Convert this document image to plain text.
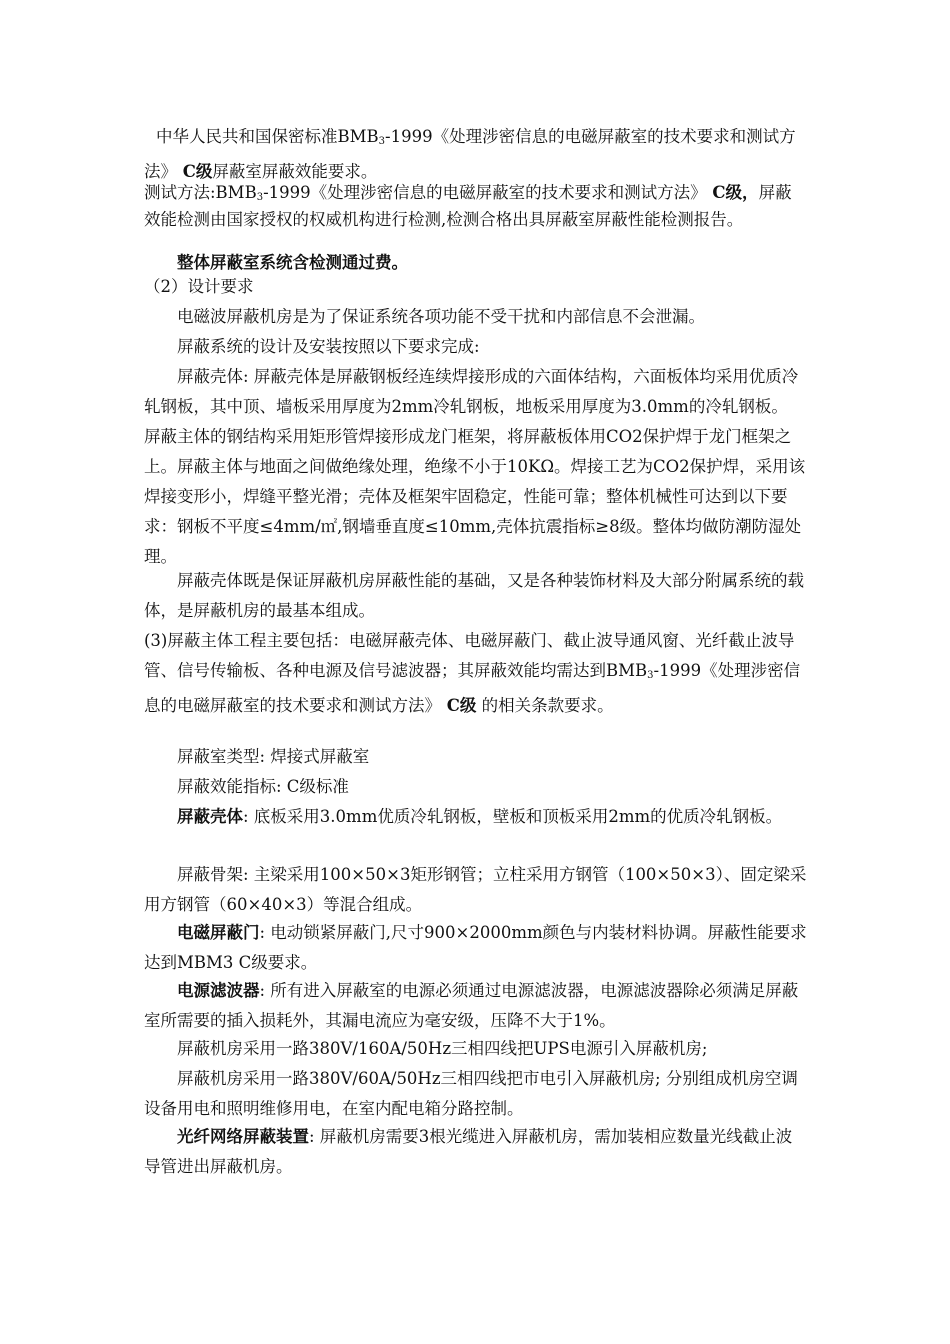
中华人民共和国保密标准$BMB_3-1999$《处理涉密信息的电磁屏蔽室的技术要求和测试方法》 C级屏蔽室屏蔽效能要求。

测试方法$:BMB_3-1999$《处理涉密信息的电磁屏蔽室的技术要求和测试方法》 C级，屏蔽效能检测由国家授权的权威机构进行检测,检测合格出具屏蔽室屏蔽性能检测报告。

整体屏蔽室系统含检测通过费。

（2）设计要求

电磁波屏蔽机房是为了保证系统各项功能不受干扰和内部信息不会泄漏。

屏蔽系统的设计及安装按照以下要求完成:

屏蔽壳体: 屏蔽壳体是屏蔽钢板经连续焊接形成的六面体结构，六面板体均采用优质冷轧钢板，其中顶、墙板采用厚度为2mm冷轧钢板，地板采用厚度为3.0mm的冷轧钢板。 屏蔽主体的钢结构采用矩形管焊接形成龙门框架，将屏蔽板体用CO2保护焊于龙门框架之上。屏蔽主体与地面之间做绝缘处理，绝缘不小于10KΩ。焊接工艺为CO2保护焊，采用该焊接变形小，焊缝平整光滑；壳体及框架牢固稳定，性能可靠；整体机械性可达到以下要求：钢板不平度≤4mm/㎡,钢墙垂直度≤10mm,壳体抗震指标≥8级。整体均做防潮防湿处理。

屏蔽壳体既是保证屏蔽机房屏蔽性能的基础，又是各种装饰材料及大部分附属系统的载体，是屏蔽机房的最基本组成。

(3)屏蔽主体工程主要包括：电磁屏蔽壳体、电磁屏蔽门、截止波导通风窗、光纤截止波导管、信号传输板、各种电源及信号滤波器；其屏蔽效能均需达到$BMB_3-1999$《处理涉密信息的电磁屏蔽室的技术要求和测试方法》 C级 的相关条款要求。

屏蔽室类型: 焊接式屏蔽室

屏蔽效能指标: C级标准

屏蔽壳体: 底板采用3.0mm优质冷轧钢板，壁板和顶板采用2mm的优质冷轧钢板。

屏蔽骨架: 主梁采用100×50×3矩形钢管；立柱采用方钢管（100×50×3）、固定梁采用方钢管（60×40×3）等混合组成。

电磁屏蔽门: 电动锁紧屏蔽门,尺寸900×2000mm颜色与内装材料协调。屏蔽性能要求达到MBM3 C级要求。

电源滤波器: 所有进入屏蔽室的电源必须通过电源滤波器，电源滤波器除必须满足屏蔽室所需要的插入损耗外，其漏电流应为毫安级，压降不大于1%。

屏蔽机房采用一路380V/160A/50Hz三相四线把UPS电源引入屏蔽机房;

屏蔽机房采用一路380V/60A/50Hz三相四线把市电引入屏蔽机房; 分别组成机房空调设备用电和照明维修用电，在室内配电箱分路控制。

光纤网络屏蔽装置: 屏蔽机房需要3根光缆进入屏蔽机房，需加装相应数量光线截止波导管进出屏蔽机房。
